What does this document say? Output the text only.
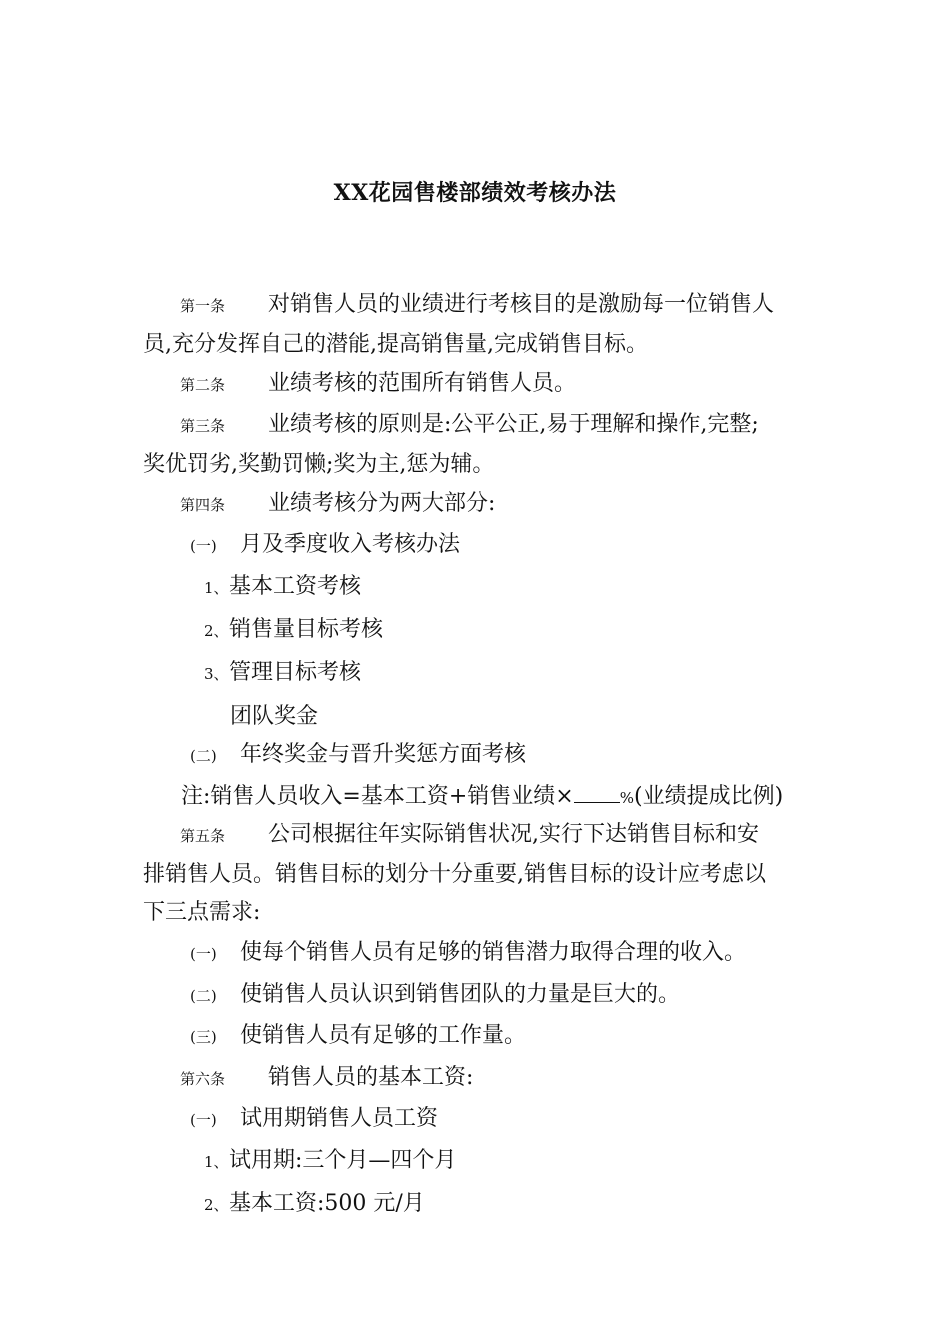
XX花园售楼部绩效考核办法
第一条 对销售人员的业绩进行考核目的是激励每一位销售人
员,充分发挥自己的潜能,提高销售量,完成销售目标。
第二条 业绩考核的范围所有销售人员。
第三条 业绩考核的原则是:公平公正,易于理解和操作,完整;
奖优罚劣,奖勤罚懒;奖为主,惩为辅。
第四条 业绩考核分为两大部分:
(一) 月及季度收入考核办法
1、基本工资考核
2、销售量目标考核
3、管理目标考核
团队奖金
(二) 年终奖金与晋升奖惩方面考核
注:销售人员收入=基本工资+销售业绩×	%(业绩提成比例)
第五条 公司根据往年实际销售状况,实行下达销售目标和安
排销售人员。销售目标的划分十分重要,销售目标的设计应考虑以
下三点需求:
(一) 使每个销售人员有足够的销售潜力取得合理的收入。
(二) 使销售人员认识到销售团队的力量是巨大的。
(三) 使销售人员有足够的工作量。
第六条 销售人员的基本工资:
(一) 试用期销售人员工资
1、试用期:三个月—四个月
2、基本工资:500 元/月
